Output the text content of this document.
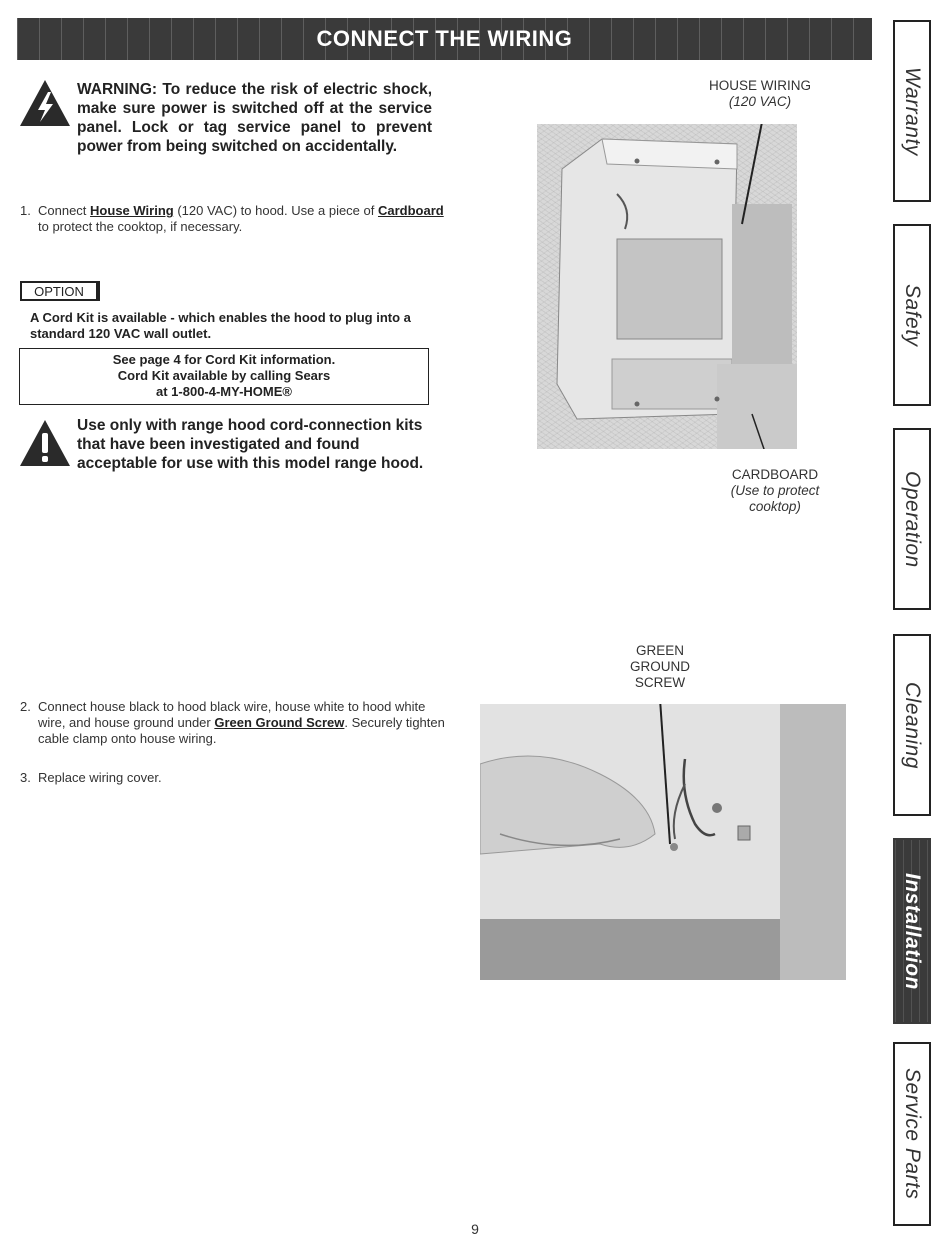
CONNECT THE WIRING
WARNING: To reduce the risk of electric shock, make sure power is switched off at the service panel. Lock or tag service panel to prevent power from being switched on accidentally.
1. Connect House Wiring (120 VAC) to hood. Use a piece of Cardboard to protect the cooktop, if necessary.
OPTION
A Cord Kit is available - which enables the hood to plug into a standard 120 VAC wall outlet.
See page 4 for Cord Kit information.
Cord Kit available by calling Sears
at 1-800-4-MY-HOME®
Use only with range hood cord-connection kits that have been investigated and found acceptable for use with this model range hood.
2. Connect house black to hood black wire, house white to hood white wire, and house ground under Green Ground Screw. Securely tighten cable clamp onto house wiring.
3. Replace wiring cover.
HOUSE WIRING
(120 VAC)
CARDBOARD
(Use to protect
cooktop)
GREEN
GROUND
SCREW
Warranty
Safety
Operation
Cleaning
Installation
Service Parts
9
